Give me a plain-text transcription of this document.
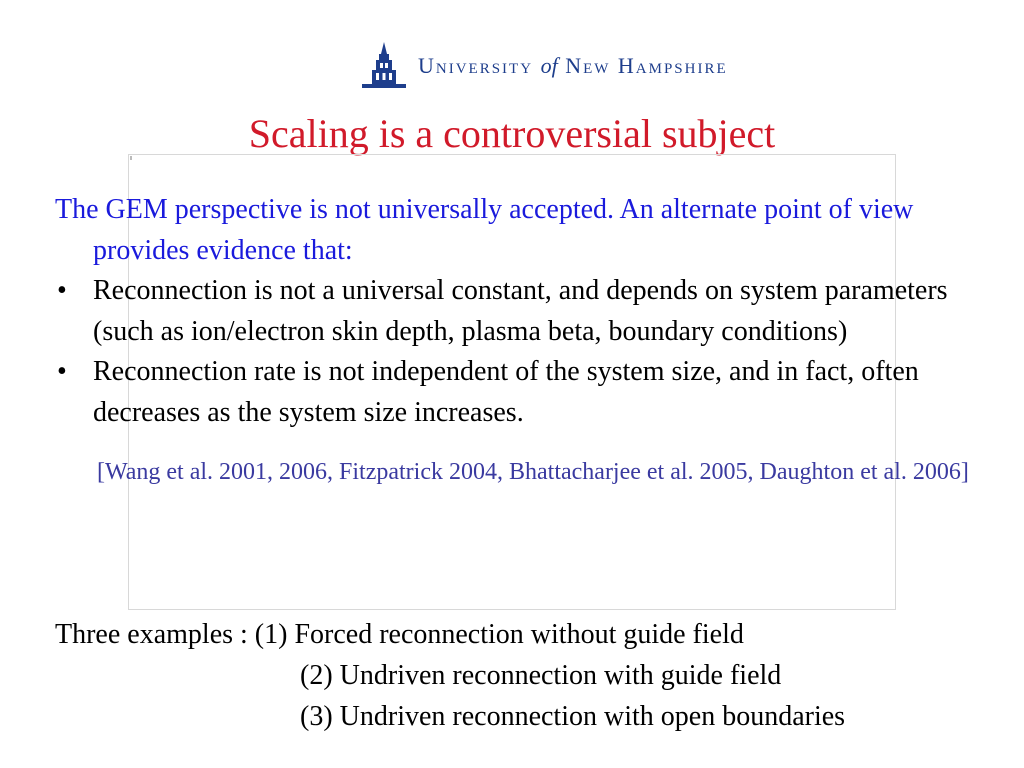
University of New Hampshire
Scaling is a controversial subject

The GEM perspective is not universally accepted. An alternate point of view provides evidence that:

• Reconnection is not a universal constant, and depends on system parameters (such as ion/electron skin depth, plasma beta, boundary conditions)
• Reconnection rate is not independent of the system size, and in fact, often decreases as the system size increases.

[Wang et al. 2001, 2006, Fitzpatrick 2004, Bhattacharjee et al. 2005, Daughton et al. 2006]

Three examples : (1) Forced reconnection without guide field
(2) Undriven reconnection with guide field
(3) Undriven reconnection with open boundaries
